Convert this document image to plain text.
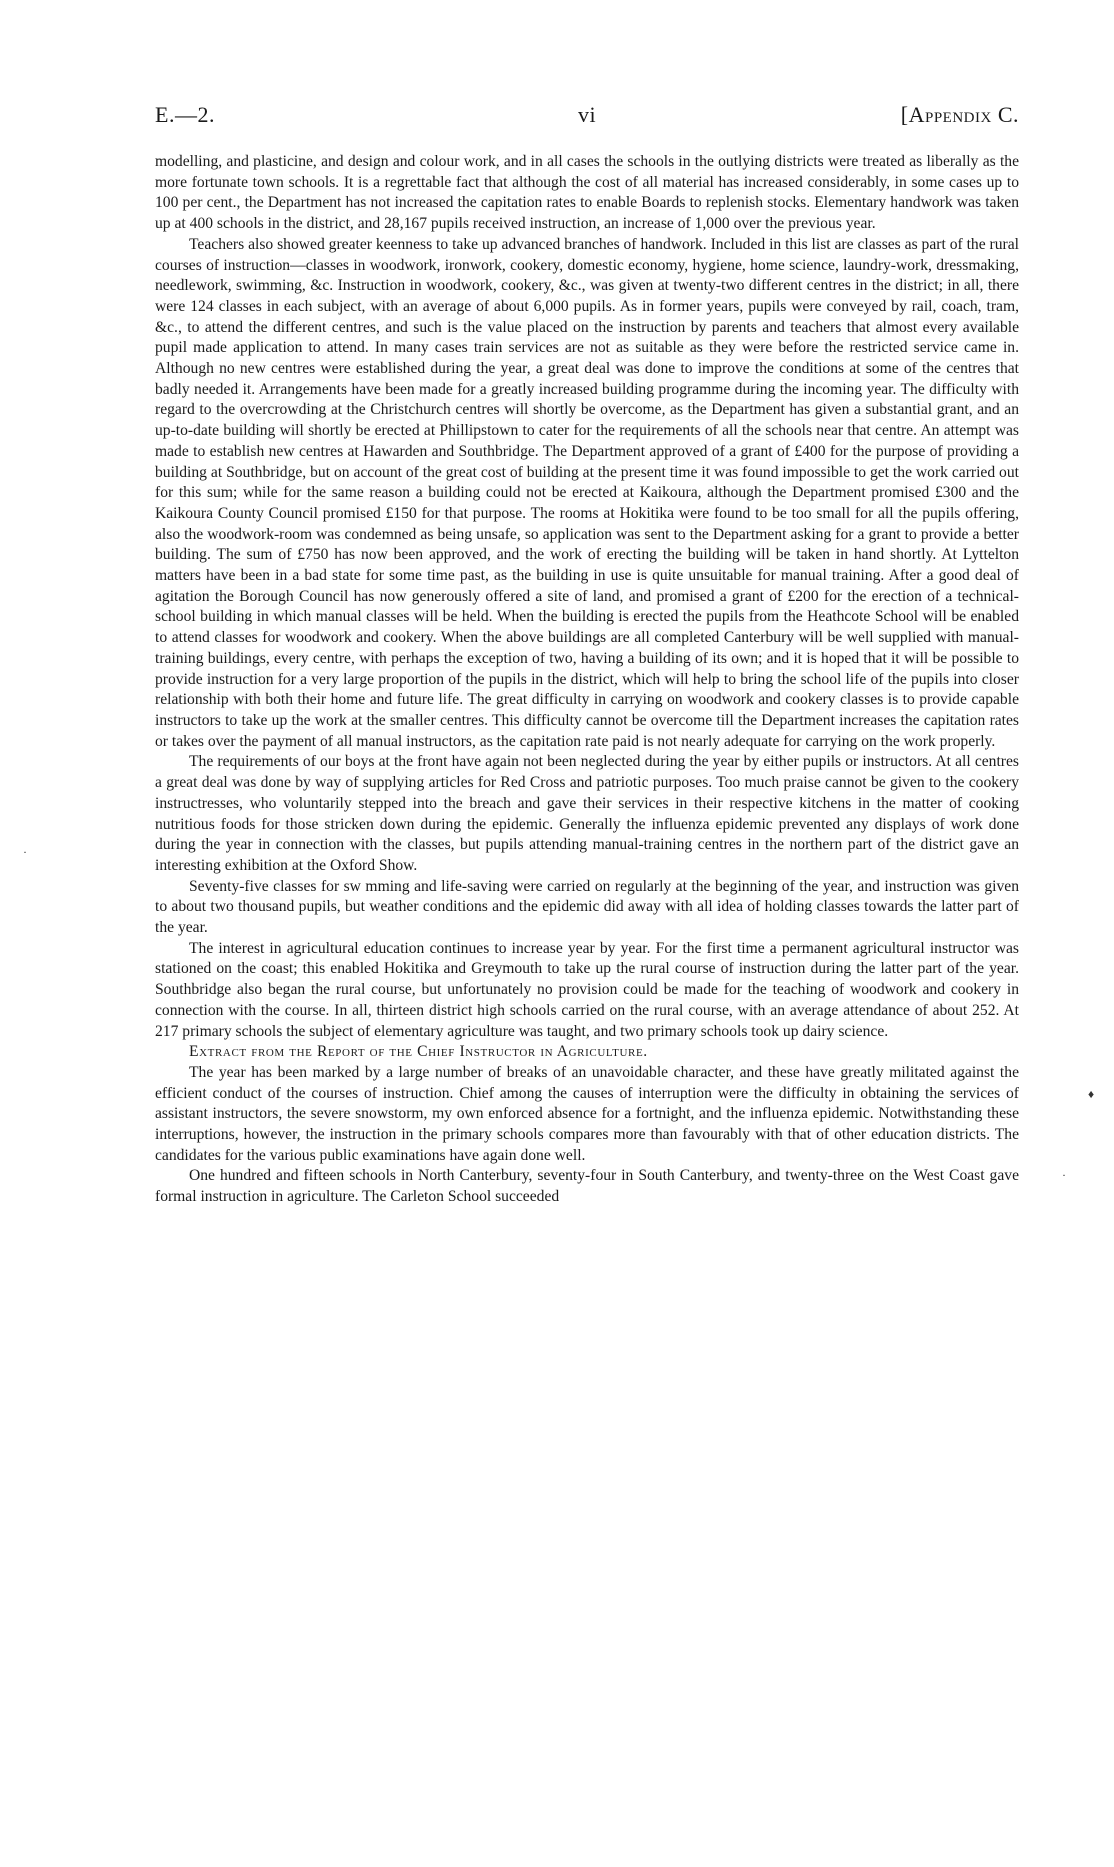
E.—2.	vi	[Appendix C.

modelling, and plasticine, and design and colour work, and in all cases the schools in the outlying districts were treated as liberally as the more fortunate town schools. It is a regrettable fact that although the cost of all material has increased considerably, in some cases up to 100 per cent., the Department has not increased the capitation rates to enable Boards to replenish stocks. Elementary handwork was taken up at 400 schools in the district, and 28,167 pupils received instruction, an increase of 1,000 over the previous year.

Teachers also showed greater keenness to take up advanced branches of handwork. Included in this list are classes as part of the rural courses of instruction—classes in woodwork, ironwork, cookery, domestic economy, hygiene, home science, laundry-work, dressmaking, needlework, swimming, &c. Instruction in woodwork, cookery, &c., was given at twenty-two different centres in the district; in all, there were 124 classes in each subject, with an average of about 6,000 pupils. As in former years, pupils were conveyed by rail, coach, tram, &c., to attend the different centres, and such is the value placed on the instruction by parents and teachers that almost every available pupil made application to attend. In many cases train services are not as suitable as they were before the restricted service came in. Although no new centres were established during the year, a great deal was done to improve the conditions at some of the centres that badly needed it. Arrangements have been made for a greatly increased building programme during the incoming year. The difficulty with regard to the overcrowding at the Christchurch centres will shortly be overcome, as the Department has given a substantial grant, and an up-to-date building will shortly be erected at Phillipstown to cater for the requirements of all the schools near that centre. An attempt was made to establish new centres at Hawarden and Southbridge. The Department approved of a grant of £400 for the purpose of providing a building at Southbridge, but on account of the great cost of building at the present time it was found impossible to get the work carried out for this sum; while for the same reason a building could not be erected at Kaikoura, although the Department promised £300 and the Kaikoura County Council promised £150 for that purpose. The rooms at Hokitika were found to be too small for all the pupils offering, also the woodwork-room was condemned as being unsafe, so application was sent to the Department asking for a grant to provide a better building. The sum of £750 has now been approved, and the work of erecting the building will be taken in hand shortly. At Lyttelton matters have been in a bad state for some time past, as the building in use is quite unsuitable for manual training. After a good deal of agitation the Borough Council has now generously offered a site of land, and promised a grant of £200 for the erection of a technical-school building in which manual classes will be held. When the building is erected the pupils from the Heathcote School will be enabled to attend classes for woodwork and cookery. When the above buildings are all completed Canterbury will be well supplied with manual-training buildings, every centre, with perhaps the exception of two, having a building of its own; and it is hoped that it will be possible to provide instruction for a very large proportion of the pupils in the district, which will help to bring the school life of the pupils into closer relationship with both their home and future life. The great difficulty in carrying on woodwork and cookery classes is to provide capable instructors to take up the work at the smaller centres. This difficulty cannot be overcome till the Department increases the capitation rates or takes over the payment of all manual instructors, as the capitation rate paid is not nearly adequate for carrying on the work properly.

The requirements of our boys at the front have again not been neglected during the year by either pupils or instructors. At all centres a great deal was done by way of supplying articles for Red Cross and patriotic purposes. Too much praise cannot be given to the cookery instructresses, who voluntarily stepped into the breach and gave their services in their respective kitchens in the matter of cooking nutritious foods for those stricken down during the epidemic. Generally the influenza epidemic prevented any displays of work done during the year in connection with the classes, but pupils attending manual-training centres in the northern part of the district gave an interesting exhibition at the Oxford Show.

Seventy-five classes for sw mming and life-saving were carried on regularly at the beginning of the year, and instruction was given to about two thousand pupils, but weather conditions and the epidemic did away with all idea of holding classes towards the latter part of the year.

The interest in agricultural education continues to increase year by year. For the first time a permanent agricultural instructor was stationed on the coast; this enabled Hokitika and Greymouth to take up the rural course of instruction during the latter part of the year. Southbridge also began the rural course, but unfortunately no provision could be made for the teaching of woodwork and cookery in connection with the course. In all, thirteen district high schools carried on the rural course, with an average attendance of about 252. At 217 primary schools the subject of elementary agriculture was taught, and two primary schools took up dairy science.

Extract from the Report of the Chief Instructor in Agriculture.

The year has been marked by a large number of breaks of an unavoidable character, and these have greatly militated against the efficient conduct of the courses of instruction. Chief among the causes of interruption were the difficulty in obtaining the services of assistant instructors, the severe snowstorm, my own enforced absence for a fortnight, and the influenza epidemic. Notwithstanding these interruptions, however, the instruction in the primary schools compares more than favourably with that of other education districts. The candidates for the various public examinations have again done well.

One hundred and fifteen schools in North Canterbury, seventy-four in South Canterbury, and twenty-three on the West Coast gave formal instruction in agriculture. The Carleton School succeeded

♦
·
·
